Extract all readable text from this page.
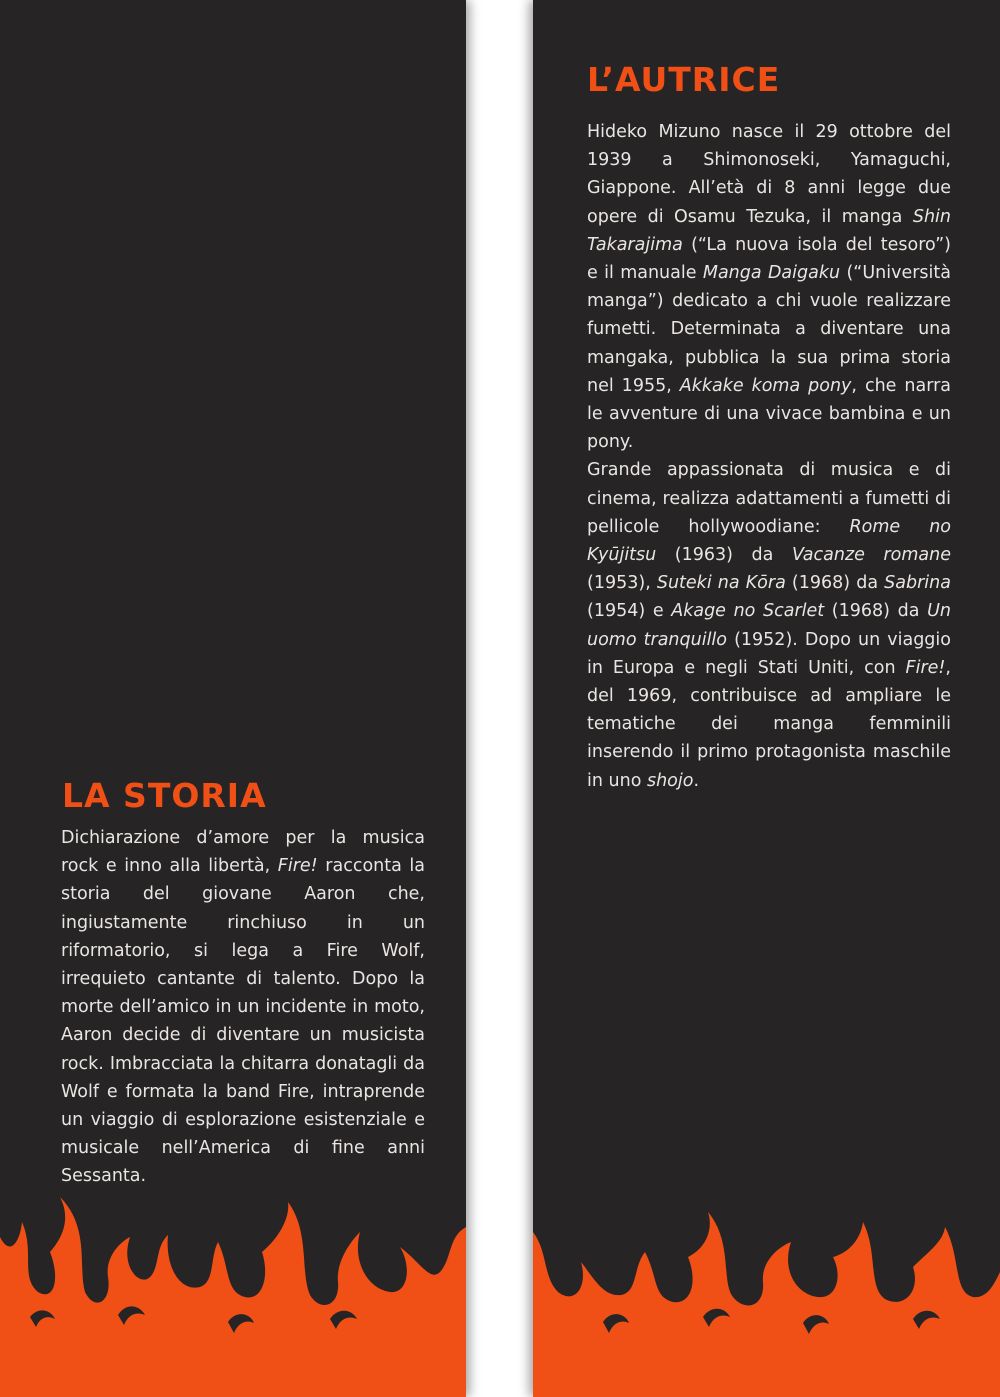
LA STORIA

Dichiarazione d’amore per la musica rock e inno alla libertà, Fire! racconta la storia del giovane Aaron che, ingiustamente rinchiuso in un riformatorio, si lega a Fire Wolf, irrequieto cantante di talento. Dopo la morte dell’amico in un incidente in moto, Aaron decide di diventare un musicista rock. Imbracciata la chitarra donatagli da Wolf e formata la band Fire, intraprende un viaggio di esplorazione esistenziale e musicale nell’America di fine anni Sessanta.

L’AUTRICE

Hideko Mizuno nasce il 29 ottobre del 1939 a Shimonoseki, Yamaguchi, Giappone. All’età di 8 anni legge due opere di Osamu Tezuka, il manga Shin Takarajima (“La nuova isola del tesoro”) e il manuale Manga Daigaku (“Università manga”) dedicato a chi vuole realizzare fumetti. Determinata a diventare una mangaka, pubblica la sua prima storia nel 1955, Akkake koma pony, che narra le avventure di una vivace bambina e un pony.

Grande appassionata di musica e di cinema, realizza adattamenti a fumetti di pellicole hollywoodiane: Rome no Kyūjitsu (1963) da Vacanze romane (1953), Suteki na Kōra (1968) da Sabrina (1954) e Akage no Scarlet (1968) da Un uomo tranquillo (1952). Dopo un viaggio in Europa e negli Stati Uniti, con Fire!, del 1969, contribuisce ad ampliare le tematiche dei manga femminili inserendo il primo protagonista maschile in uno shojo.
